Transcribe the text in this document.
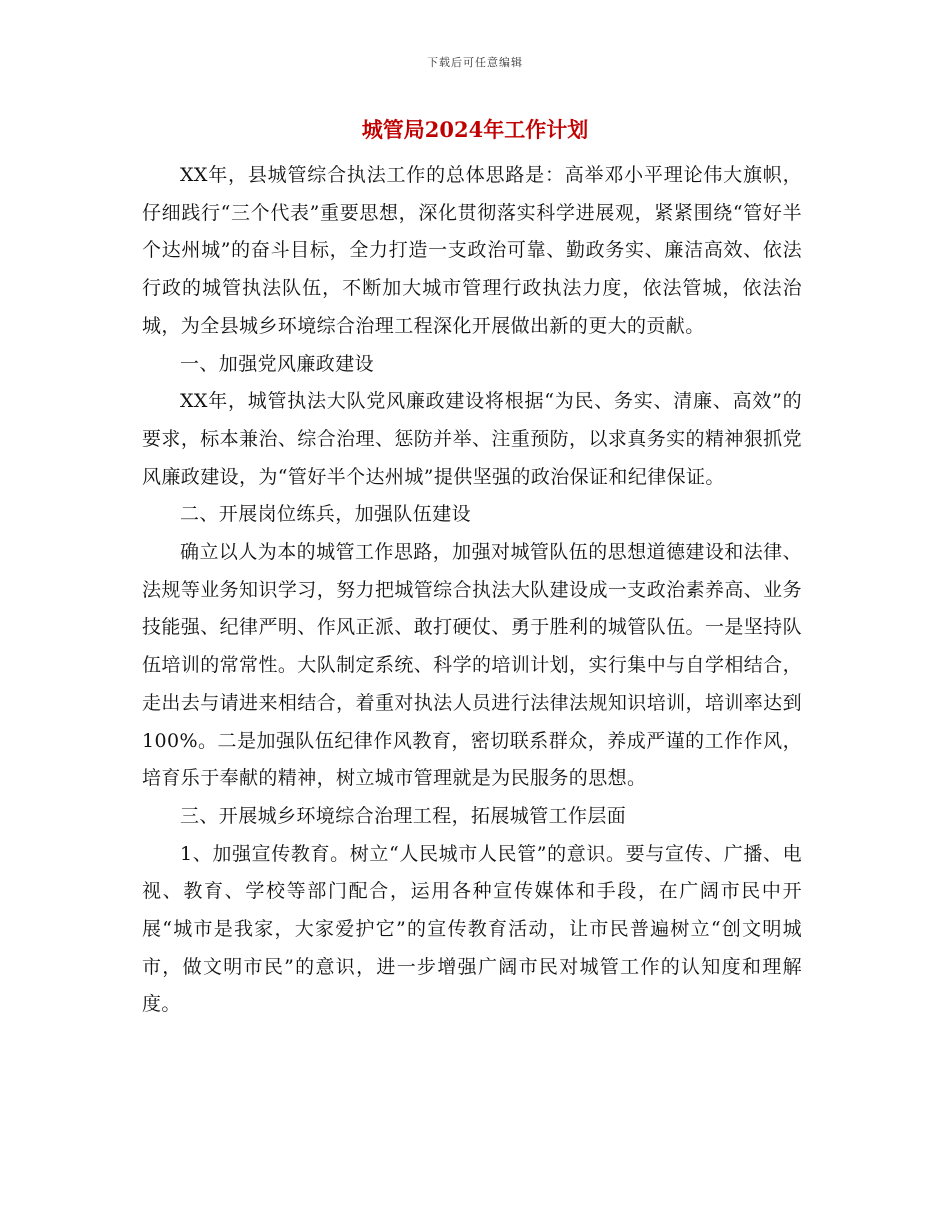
下载后可任意编辑
城管局2024年工作计划

XX年，县城管综合执法工作的总体思路是：高举邓小平理论伟大旗帜，仔细践行“三个代表”重要思想，深化贯彻落实科学进展观，紧紧围绕“管好半个达州城”的奋斗目标，全力打造一支政治可靠、勤政务实、廉洁高效、依法行政的城管执法队伍，不断加大城市管理行政执法力度，依法管城，依法治城，为全县城乡环境综合治理工程深化开展做出新的更大的贡献。

一、加强党风廉政建设

XX年，城管执法大队党风廉政建设将根据“为民、务实、清廉、高效”的要求，标本兼治、综合治理、惩防并举、注重预防，以求真务实的精神狠抓党风廉政建设，为“管好半个达州城”提供坚强的政治保证和纪律保证。

二、开展岗位练兵，加强队伍建设

确立以人为本的城管工作思路，加强对城管队伍的思想道德建设和法律、法规等业务知识学习，努力把城管综合执法大队建设成一支政治素养高、业务技能强、纪律严明、作风正派、敢打硬仗、勇于胜利的城管队伍。一是坚持队伍培训的常常性。大队制定系统、科学的培训计划，实行集中与自学相结合，走出去与请进来相结合，着重对执法人员进行法律法规知识培训，培训率达到100%。二是加强队伍纪律作风教育，密切联系群众，养成严谨的工作作风，培育乐于奉献的精神，树立城市管理就是为民服务的思想。

三、开展城乡环境综合治理工程，拓展城管工作层面

1、加强宣传教育。树立“人民城市人民管”的意识。要与宣传、广播、电视、教育、学校等部门配合，运用各种宣传媒体和手段，在广阔市民中开展“城市是我家，大家爱护它”的宣传教育活动，让市民普遍树立“创文明城市，做文明市民”的意识，进一步增强广阔市民对城管工作的认知度和理解度。
